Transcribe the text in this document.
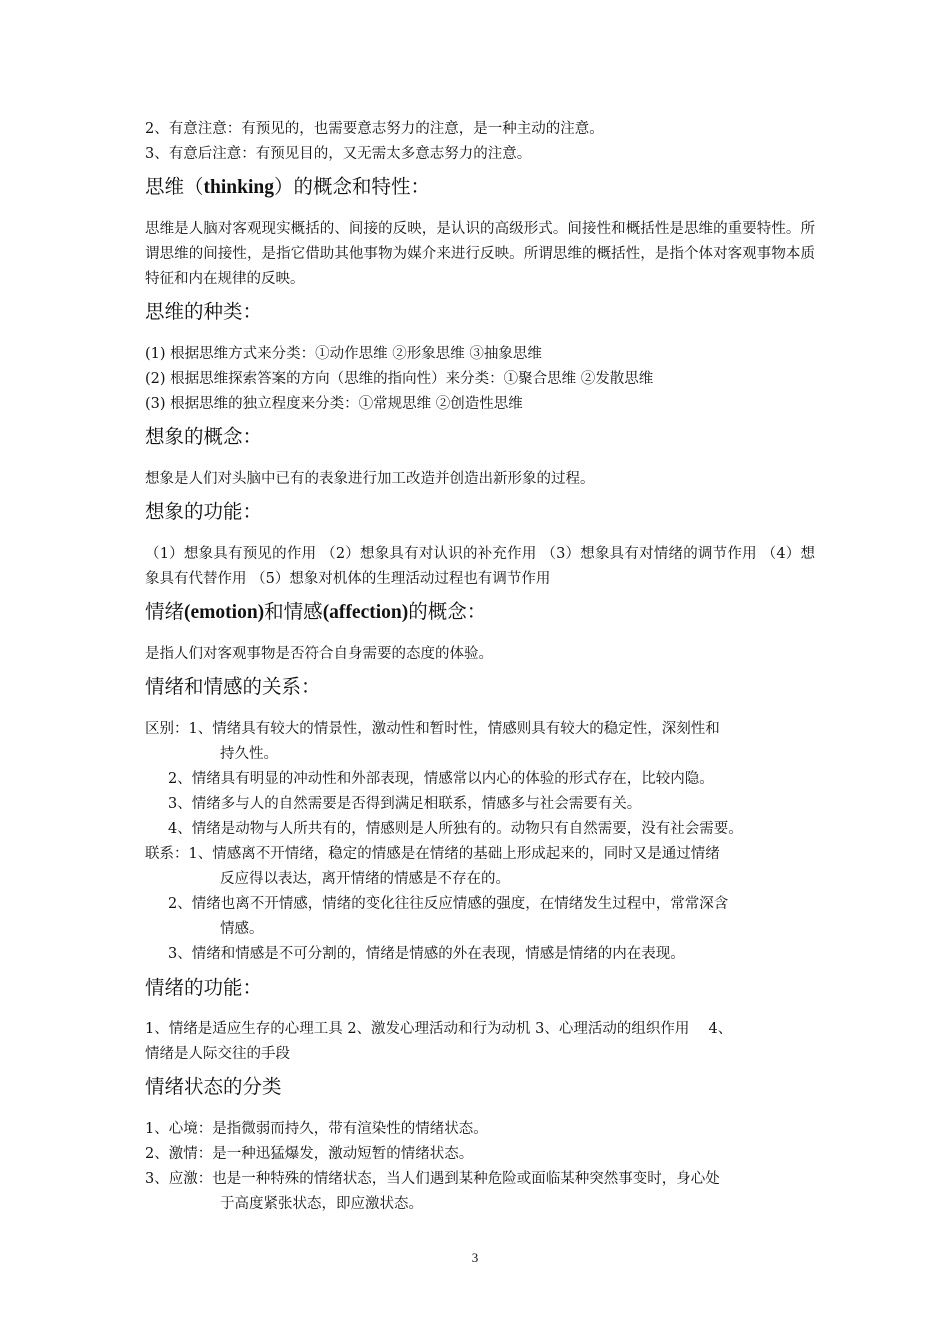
2、有意注意：有预见的，也需要意志努力的注意，是一种主动的注意。
3、有意后注意：有预见目的，又无需太多意志努力的注意。
思维（thinking）的概念和特性：
思维是人脑对客观现实概括的、间接的反映，是认识的高级形式。间接性和概括性是思维的重要特性。所谓思维的间接性，是指它借助其他事物为媒介来进行反映。所谓思维的概括性，是指个体对客观事物本质特征和内在规律的反映。
思维的种类：
(1) 根据思维方式来分类：①动作思维 ②形象思维 ③抽象思维
(2) 根据思维探索答案的方向（思维的指向性）来分类：①聚合思维 ②发散思维
(3) 根据思维的独立程度来分类：①常规思维 ②创造性思维
想象的概念：
想象是人们对头脑中已有的表象进行加工改造并创造出新形象的过程。
想象的功能：
（1）想象具有预见的作用 （2）想象具有对认识的补充作用 （3）想象具有对情绪的调节作用 （4）想象具有代替作用 （5）想象对机体的生理活动过程也有调节作用
情绪(emotion)和情感(affection)的概念：
是指人们对客观事物是否符合自身需要的态度的体验。
情绪和情感的关系：
区别：1、情绪具有较大的情景性，激动性和暂时性，情感则具有较大的稳定性，深刻性和
持久性。
2、情绪具有明显的冲动性和外部表现，情感常以内心的体验的形式存在，比较内隐。
3、情绪多与人的自然需要是否得到满足相联系，情感多与社会需要有关。
4、情绪是动物与人所共有的，情感则是人所独有的。动物只有自然需要，没有社会需要。
联系：1、情感离不开情绪，稳定的情感是在情绪的基础上形成起来的，同时又是通过情绪
反应得以表达，离开情绪的情感是不存在的。
2、情绪也离不开情感，情绪的变化往往反应情感的强度，在情绪发生过程中，常常深含
情感。
3、情绪和情感是不可分割的，情绪是情感的外在表现，情感是情绪的内在表现。
情绪的功能：
1、情绪是适应生存的心理工具 2、激发心理活动和行为动机 3、心理活动的组织作用　 4、
情绪是人际交往的手段
情绪状态的分类
1、心境：是指微弱而持久，带有渲染性的情绪状态。
2、激情：是一种迅猛爆发，激动短暂的情绪状态。
3、应激：也是一种特殊的情绪状态，当人们遇到某种危险或面临某种突然事变时，身心处
于高度紧张状态，即应激状态。
3
